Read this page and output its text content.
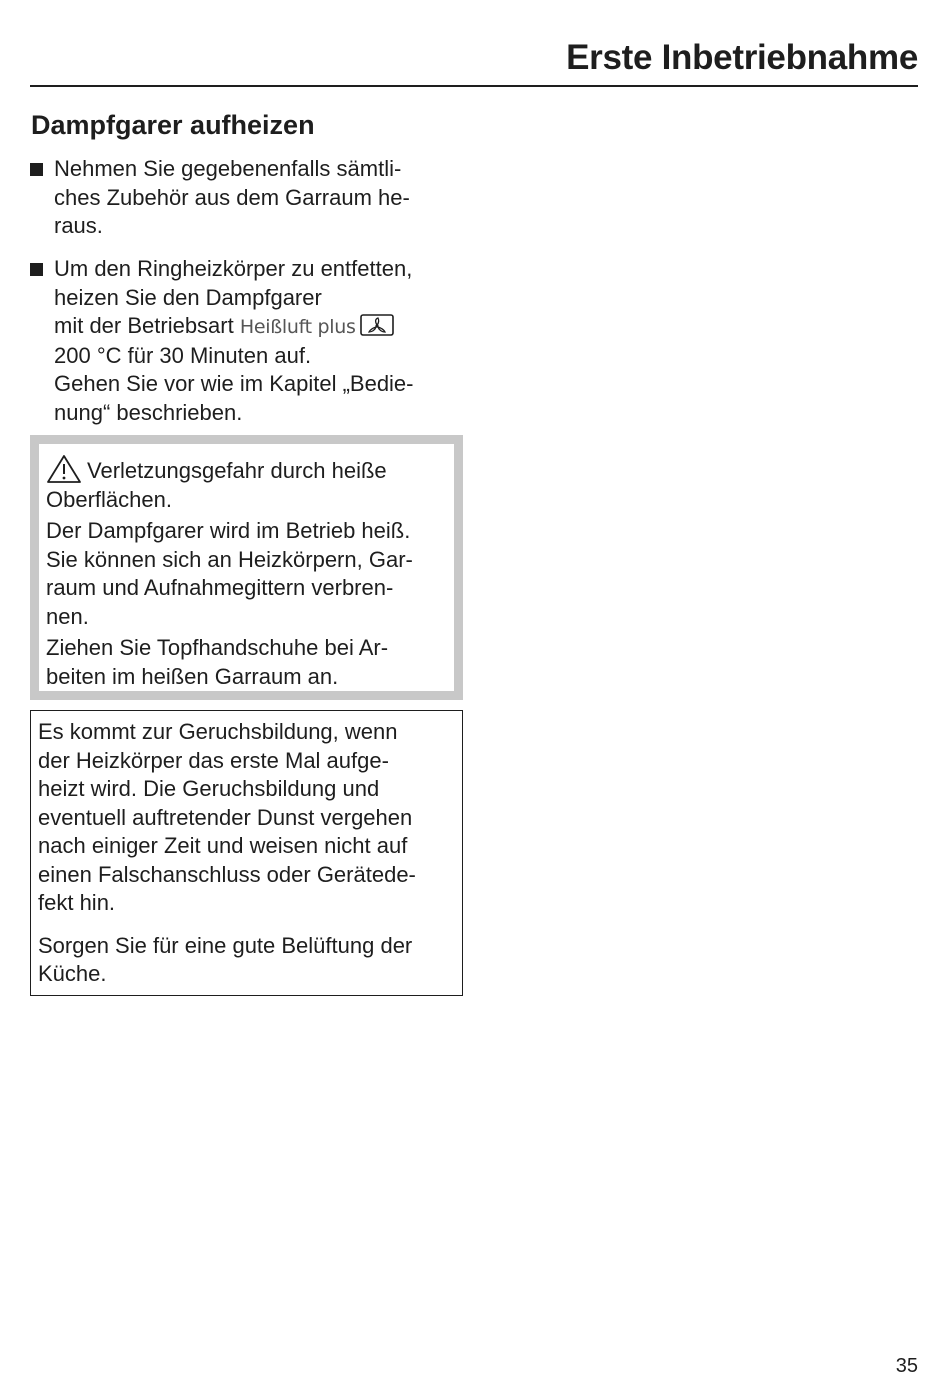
Erste Inbetriebnahme
Dampfgarer aufheizen
Nehmen Sie gegebenenfalls sämtli-
ches Zubehör aus dem Garraum he-
raus.
Um den Ringheizkörper zu entfetten,
heizen Sie den Dampfgarer
mit der Betriebsart Heißluft plus
200 °C für 30 Minuten auf.
Gehen Sie vor wie im Kapitel „Bedie-
nung“ beschrieben.
Verletzungsgefahr durch heiße
Oberflächen.
Der Dampfgarer wird im Betrieb heiß.
Sie können sich an Heizkörpern, Gar-
raum und Aufnahmegittern verbren-
nen.
Ziehen Sie Topfhandschuhe bei Ar-
beiten im heißen Garraum an.
Es kommt zur Geruchsbildung, wenn
der Heizkörper das erste Mal aufge-
heizt wird. Die Geruchsbildung und
eventuell auftretender Dunst vergehen
nach einiger Zeit und weisen nicht auf
einen Falschanschluss oder Gerätede-
fekt hin.
Sorgen Sie für eine gute Belüftung der
Küche.
35
